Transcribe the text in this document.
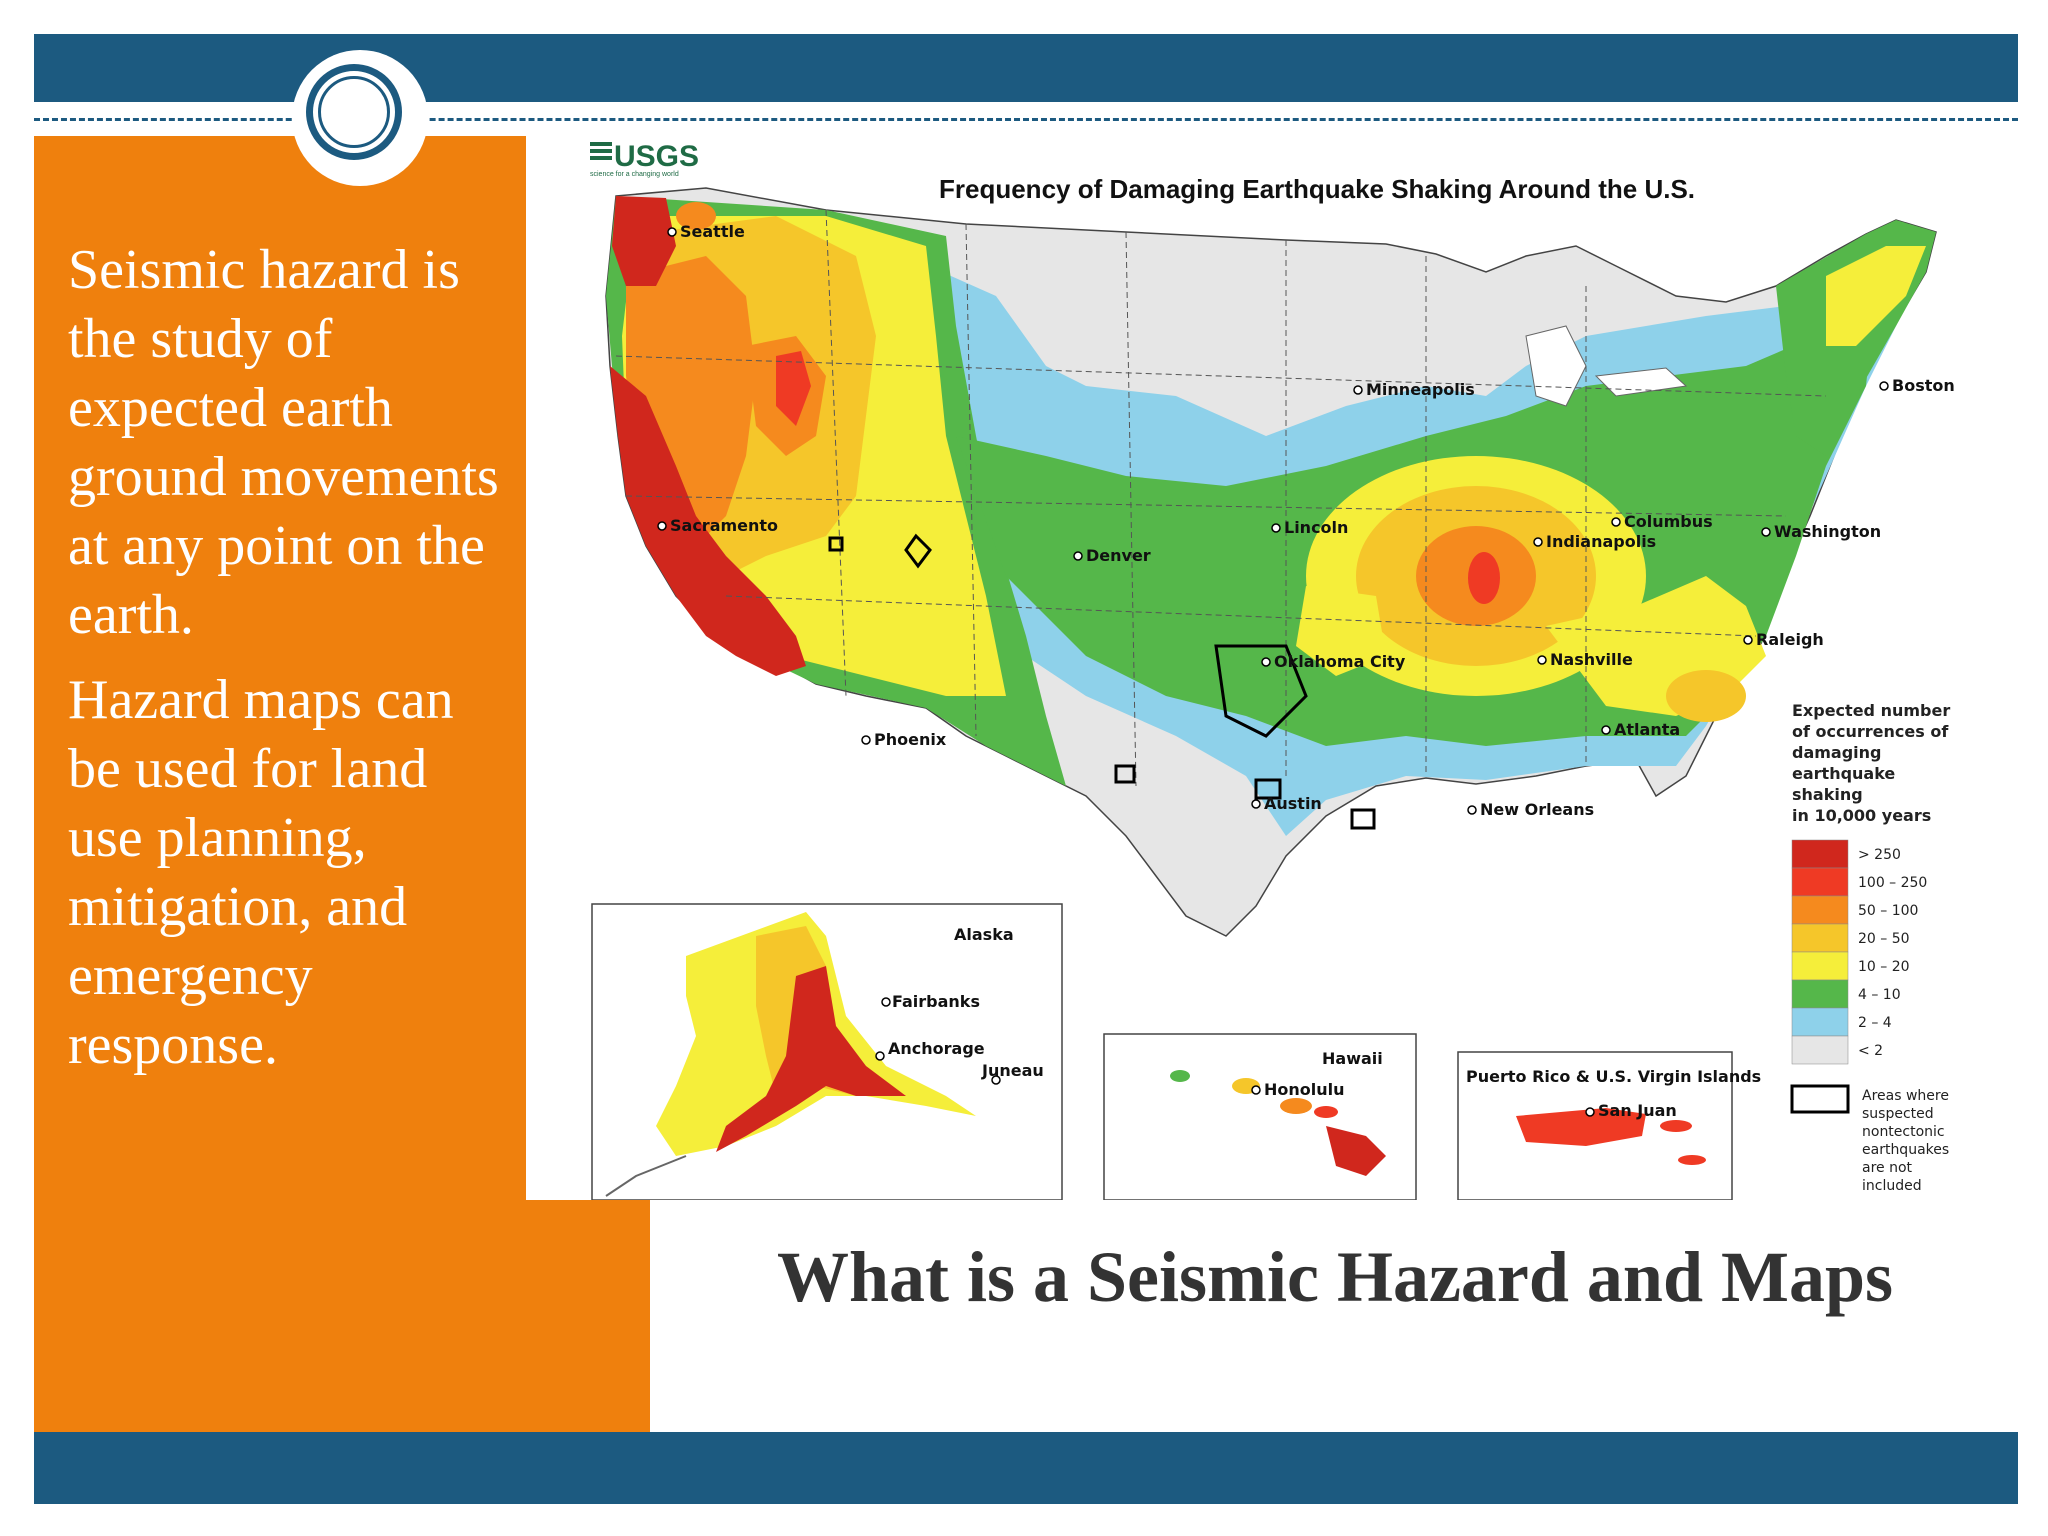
Seismic hazard is the study of expected earth ground movements at any point on the earth.

Hazard maps can be used for land use planning, mitigation, and emergency response.

USGS
science for a changing world	Frequency of Damaging Earthquake Shaking Around the U.S.
Seattle
Sacramento
Phoenix
Denver
Minneapolis
Lincoln
Oklahoma City
Austin	New Orleans
Indianapolis
Columbus
Nashville
Atlanta
Raleigh
Washington
Boston
Alaska
Fairbanks
Anchorage
Juneau
Hawaii
Honolulu
Puerto Rico & U.S. Virgin Islands
San Juan
Expected number of occurrences of damaging earthquake shaking in 10,000 years
> 250
100 – 250
50 – 100
20 – 50
10 – 20
4 – 10
2 – 4
< 2
Areas where suspected nontectonic earthquakes are not included
What is a Seismic Hazard and Maps
